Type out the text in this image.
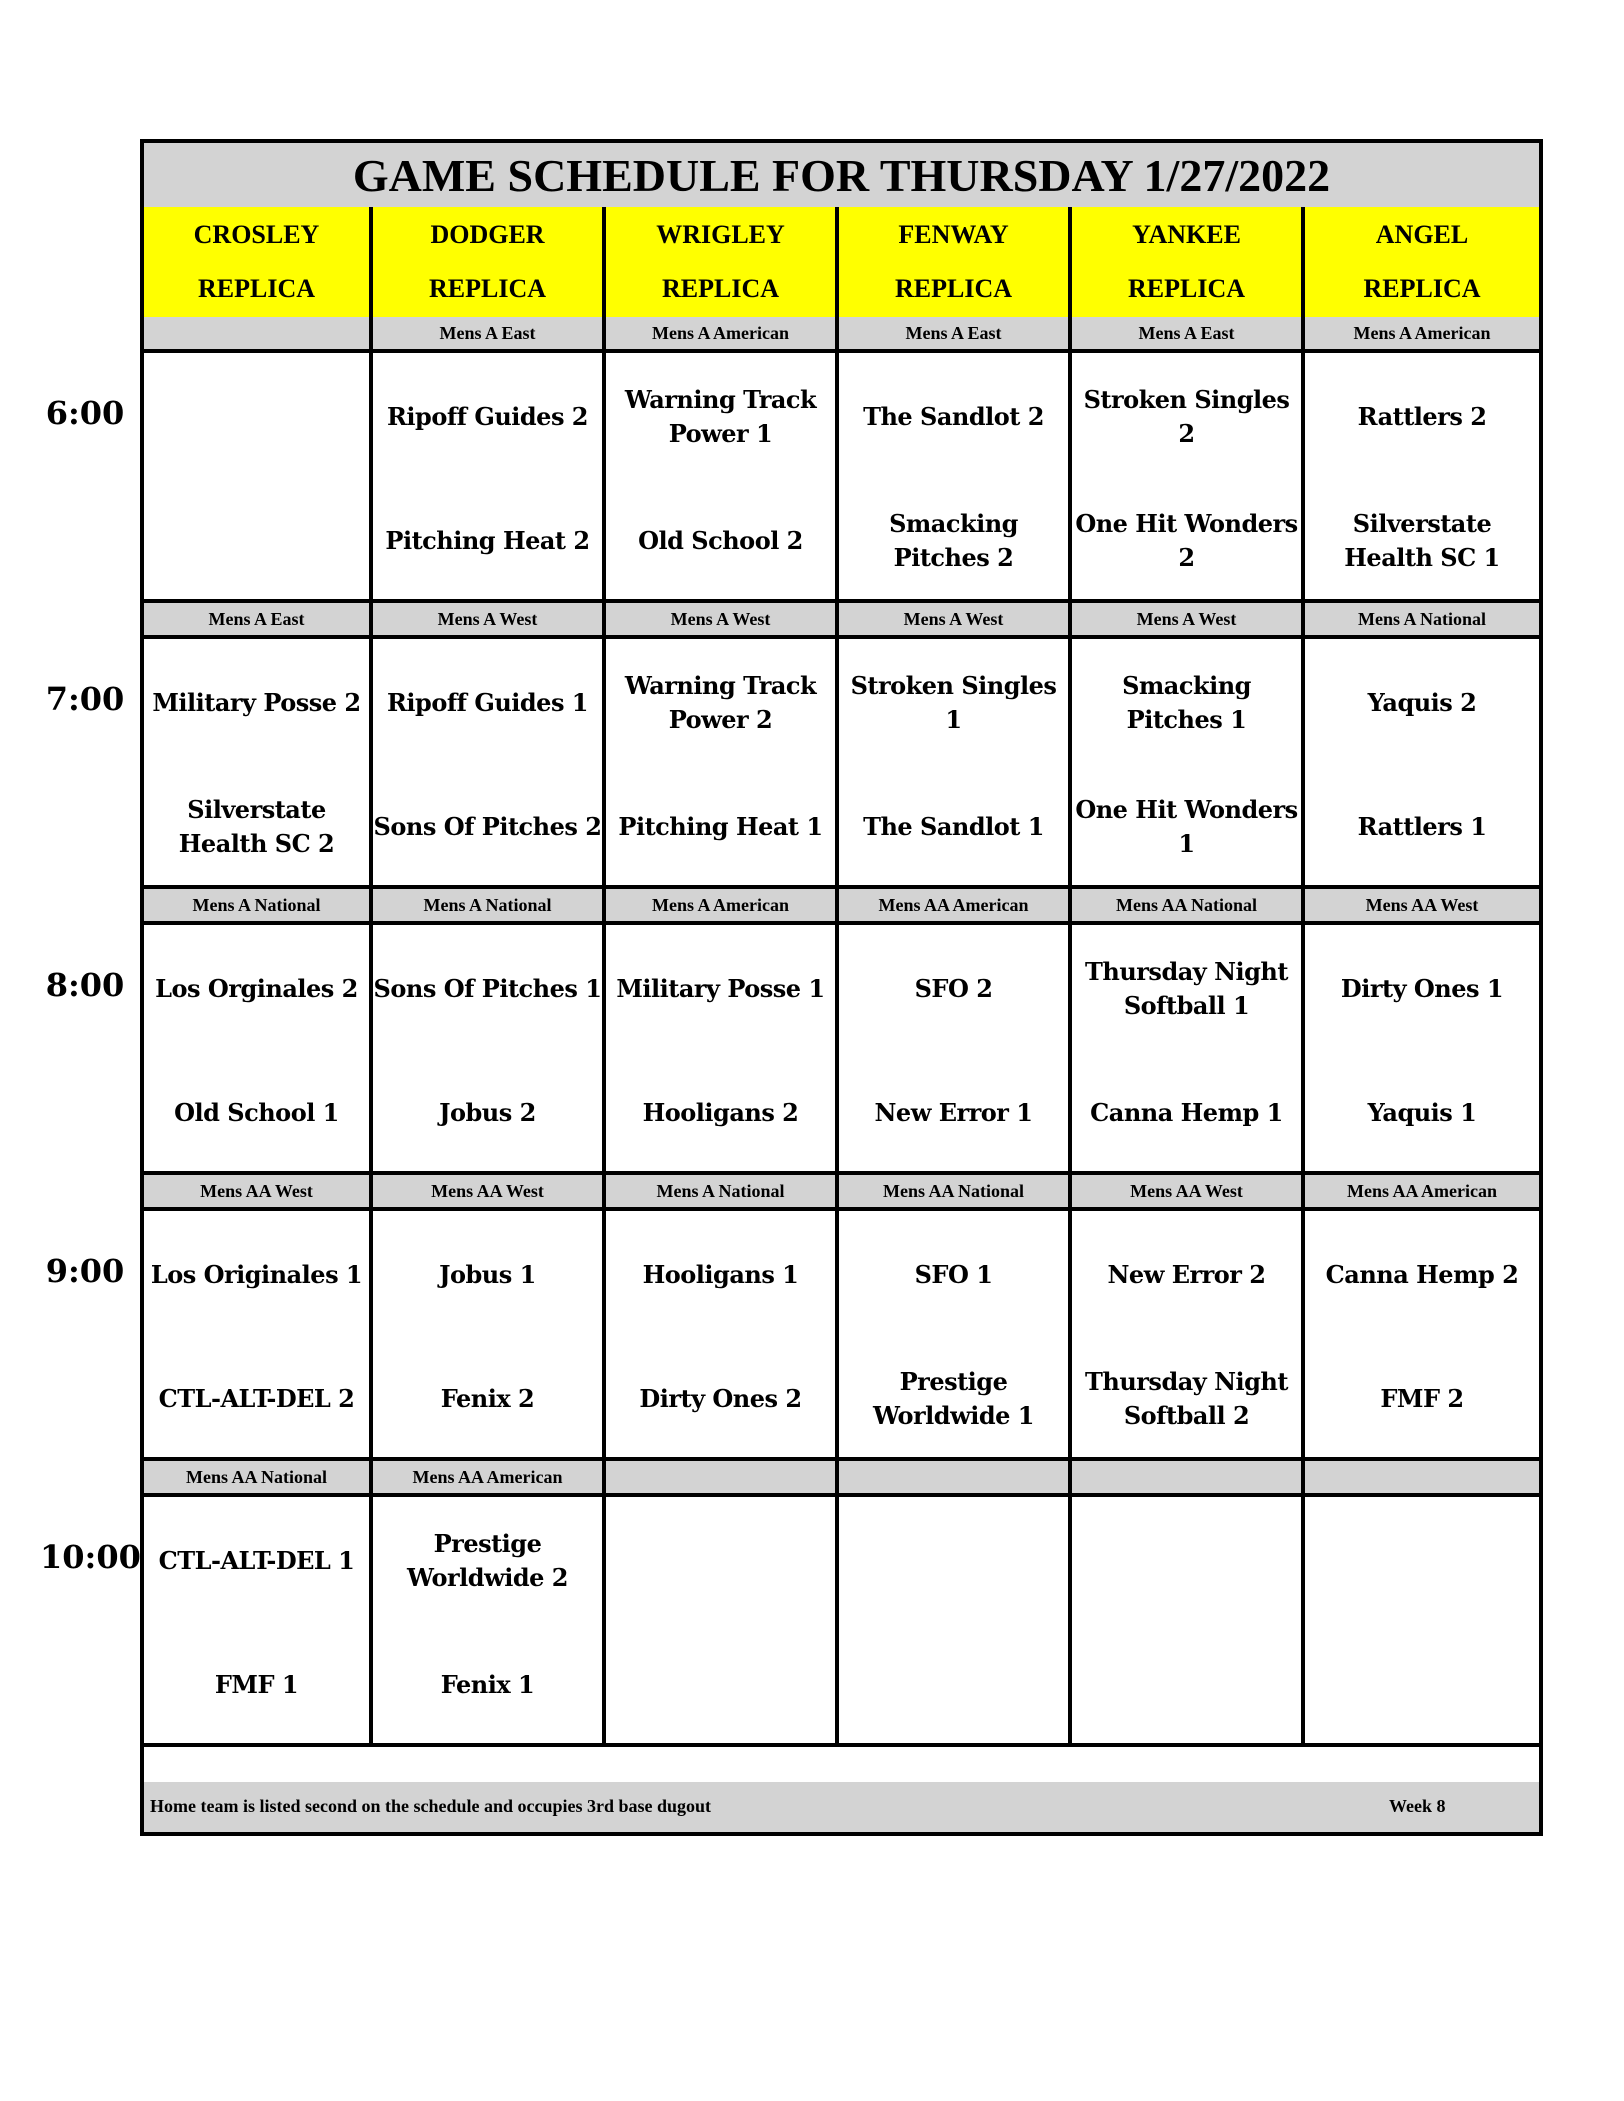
GAME SCHEDULE FOR THURSDAY 1/27/2022
Home team is listed second on the schedule and occupies 3rd base dugout	Week 8
CROSLEY
REPLICA
DODGER
REPLICA
WRIGLEY
REPLICA
FENWAY
REPLICA
YANKEE
REPLICA
ANGEL
REPLICA
Mens A East
Ripoff Guides 2
Pitching Heat 2
Mens A American
Warning Track Power 1
Old School 2
Mens A East
The Sandlot 2
Smacking Pitches 2
Mens A East
Stroken Singles 2
One Hit Wonders 2
Mens A American
Rattlers 2
Silverstate Health SC 1
Mens A East
Military Posse 2
Silverstate Health SC 2
Mens A West
Ripoff Guides 1
Sons Of Pitches 2
Mens A West
Warning Track Power 2
Pitching Heat 1
Mens A West
Stroken Singles 1
The Sandlot 1
Mens A West
Smacking Pitches 1
One Hit Wonders 1
Mens A National
Yaquis 2
Rattlers 1
Mens A National
Los Orginales 2
Old School 1
Mens A National
Sons Of Pitches 1
Jobus 2
Mens A American
Military Posse 1
Hooligans 2
Mens AA American
SFO 2
New Error 1
Mens AA National
Thursday Night Softball 1
Canna Hemp 1
Mens AA West
Dirty Ones 1
Yaquis 1
Mens AA West
Los Originales 1
CTL-ALT-DEL 2
Mens AA West
Jobus 1
Fenix 2
Mens A National
Hooligans 1
Dirty Ones 2
Mens AA National
SFO 1
Prestige Worldwide 1
Mens AA West
New Error 2
Thursday Night Softball 2
Mens AA American
Canna Hemp 2
FMF 2
Mens AA National
CTL-ALT-DEL 1
FMF 1
Mens AA American
Prestige Worldwide 2
Fenix 1
6:00
7:00
8:00
9:00
10:00
